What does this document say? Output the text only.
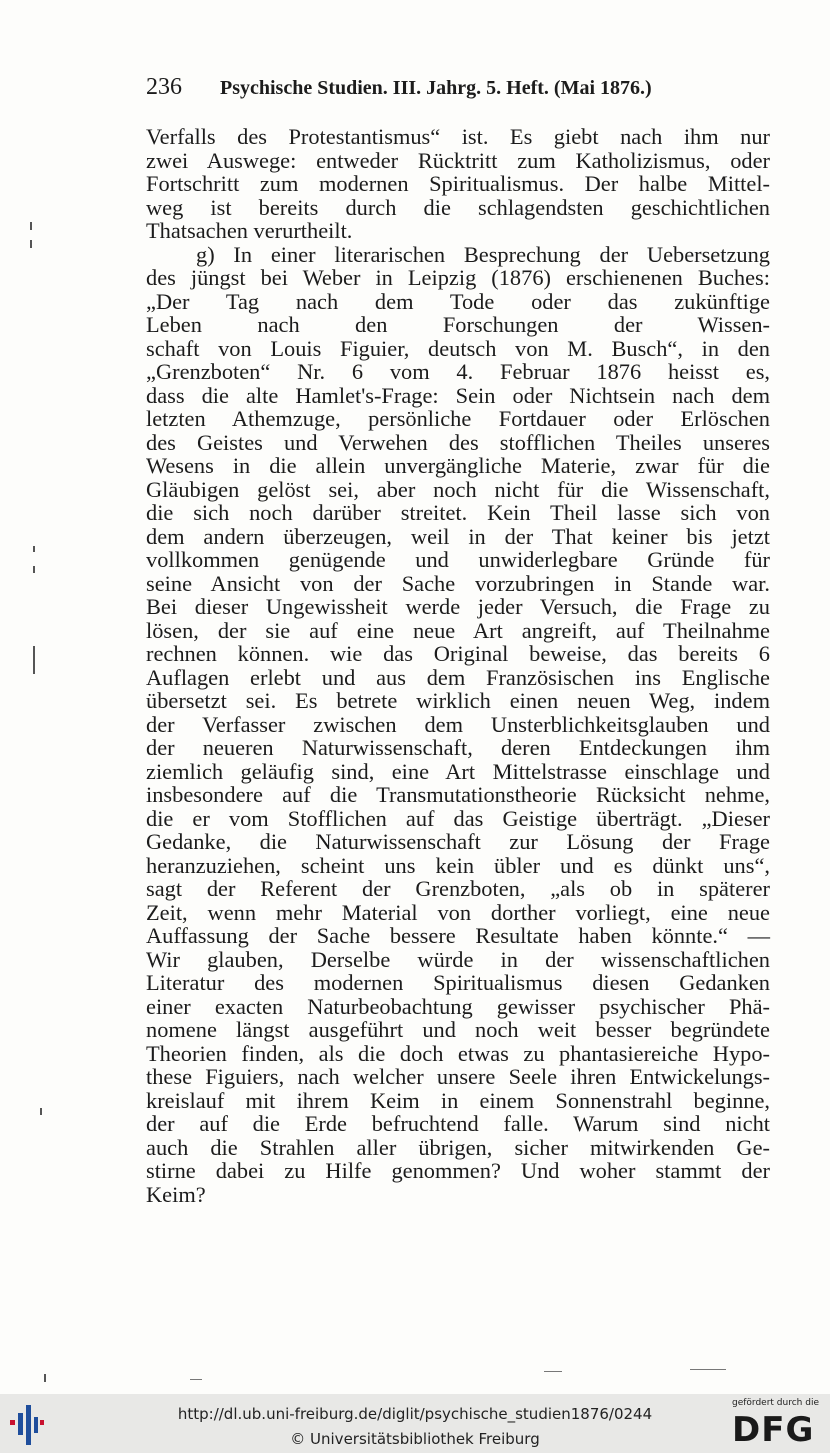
236 Psychische Studien. III. Jahrg. 5. Heft. (Mai 1876.)
Verfalls des Protestantismus“ ist. Es giebt nach ihm nur
zwei Auswege: entweder Rücktritt zum Katholizismus, oder
Fortschritt zum modernen Spiritualismus. Der halbe Mittel-
weg ist bereits durch die schlagendsten geschichtlichen
Thatsachen verurtheilt.
g) In einer literarischen Besprechung der Uebersetzung
des jüngst bei Weber in Leipzig (1876) erschienenen Buches:
„Der Tag nach dem Tode oder das zukünftige
Leben nach den Forschungen der Wissen-
schaft von Louis Figuier, deutsch von M. Busch“, in den
„Grenzboten“ Nr. 6 vom 4. Februar 1876 heisst es,
dass die alte Hamlet's-Frage: Sein oder Nichtsein nach dem
letzten Athemzuge, persönliche Fortdauer oder Erlöschen
des Geistes und Verwehen des stofflichen Theiles unseres
Wesens in die allein unvergängliche Materie, zwar für die
Gläubigen gelöst sei, aber noch nicht für die Wissenschaft,
die sich noch darüber streitet. Kein Theil lasse sich von
dem andern überzeugen, weil in der That keiner bis jetzt
vollkommen genügende und unwiderlegbare Gründe für
seine Ansicht von der Sache vorzubringen in Stande war.
Bei dieser Ungewissheit werde jeder Versuch, die Frage zu
lösen, der sie auf eine neue Art angreift, auf Theilnahme
rechnen können. wie das Original beweise, das bereits 6
Auflagen erlebt und aus dem Französischen ins Englische
übersetzt sei. Es betrete wirklich einen neuen Weg, indem
der Verfasser zwischen dem Unsterblichkeitsglauben und
der neueren Naturwissenschaft, deren Entdeckungen ihm
ziemlich geläufig sind, eine Art Mittelstrasse einschlage und
insbesondere auf die Transmutationstheorie Rücksicht nehme,
die er vom Stofflichen auf das Geistige überträgt. „Dieser
Gedanke, die Naturwissenschaft zur Lösung der Frage
heranzuziehen, scheint uns kein übler und es dünkt uns“,
sagt der Referent der Grenzboten, „als ob in späterer
Zeit, wenn mehr Material von dorther vorliegt, eine neue
Auffassung der Sache bessere Resultate haben könnte.“ —
Wir glauben, Derselbe würde in der wissenschaftlichen
Literatur des modernen Spiritualismus diesen Gedanken
einer exacten Naturbeobachtung gewisser psychischer Phä-
nomene längst ausgeführt und noch weit besser begründete
Theorien finden, als die doch etwas zu phantasiereiche Hypo-
these Figuiers, nach welcher unsere Seele ihren Entwickelungs-
kreislauf mit ihrem Keim in einem Sonnenstrahl beginne,
der auf die Erde befruchtend falle. Warum sind nicht
auch die Strahlen aller übrigen, sicher mitwirkenden Ge-
stirne dabei zu Hilfe genommen? Und woher stammt der
Keim?
http://dl.ub.uni-freiburg.de/diglit/psychische_studien1876/0244
© Universitätsbibliothek Freiburg
gefördert durch die
DFG
